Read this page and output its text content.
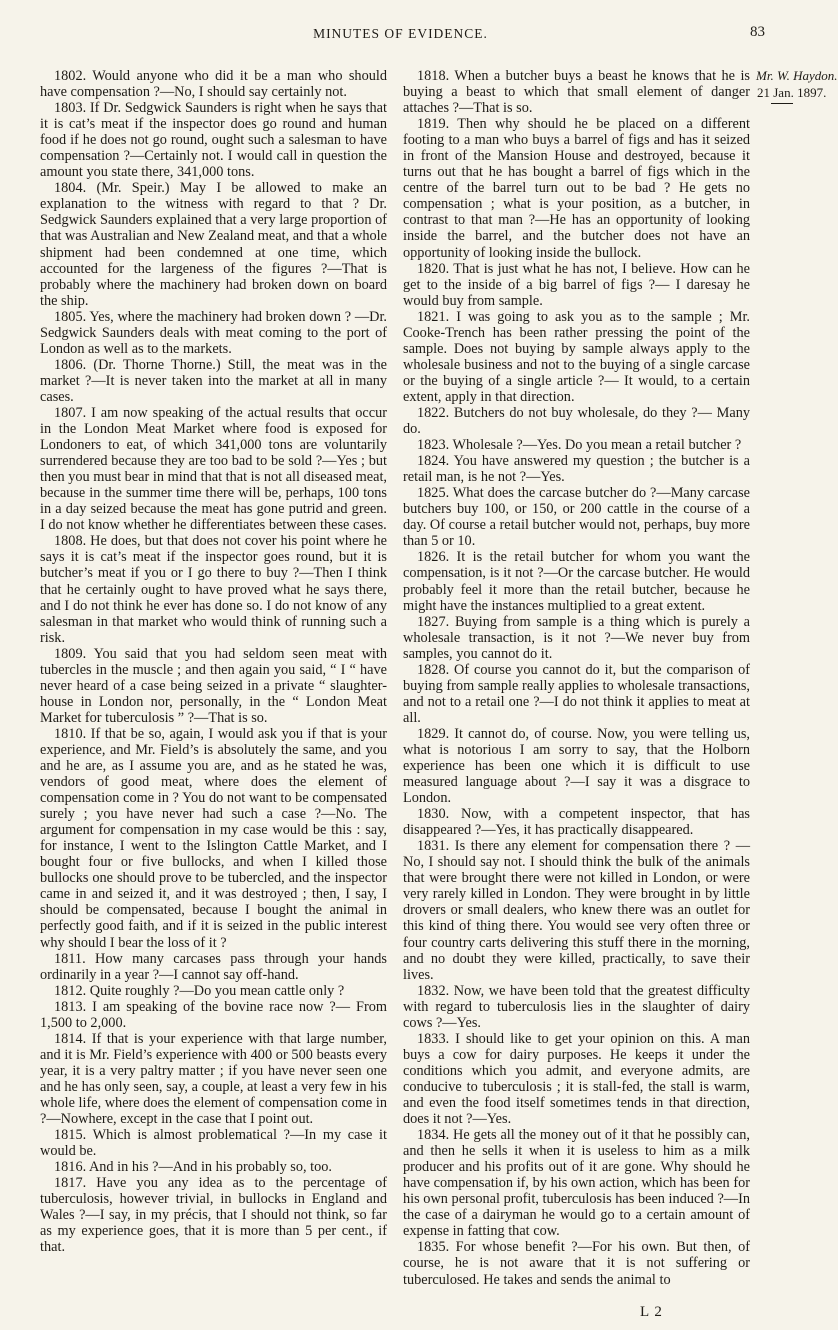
MINUTES OF EVIDENCE.	83

1802. Would anyone who did it be a man who should have compensation ?—No, I should say certainly not.

1803. If Dr. Sedgwick Saunders is right when he says that it is cat’s meat if the inspector does go round and human food if he does not go round, ought such a salesman to have compensation ?—Certainly not. I would call in question the amount you state there, 341,000 tons.

1804. (Mr. Speir.) May I be allowed to make an explanation to the witness with regard to that ? Dr. Sedgwick Saunders explained that a very large proportion of that was Australian and New Zealand meat, and that a whole shipment had been condemned at one time, which accounted for the largeness of the figures ?—That is probably where the machinery had broken down on board the ship.

1805. Yes, where the machinery had broken down ? —Dr. Sedgwick Saunders deals with meat coming to the port of London as well as to the markets.

1806. (Dr. Thorne Thorne.) Still, the meat was in the market ?—It is never taken into the market at all in many cases.

1807. I am now speaking of the actual results that occur in the London Meat Market where food is exposed for Londoners to eat, of which 341,000 tons are voluntarily surrendered because they are too bad to be sold ?—Yes ; but then you must bear in mind that that is not all diseased meat, because in the summer time there will be, perhaps, 100 tons in a day seized because the meat has gone putrid and green. I do not know whether he differentiates between these cases.

1808. He does, but that does not cover his point where he says it is cat’s meat if the inspector goes round, but it is butcher’s meat if you or I go there to buy ?—Then I think that he certainly ought to have proved what he says there, and I do not think he ever has done so. I do not know of any salesman in that market who would think of running such a risk.

1809. You said that you had seldom seen meat with tubercles in the muscle ; and then again you said, “ I “ have never heard of a case being seized in a private “ slaughter-house in London nor, personally, in the “ London Meat Market for tuberculosis ” ?—That is so.

1810. If that be so, again, I would ask you if that is your experience, and Mr. Field’s is absolutely the same, and you and he are, as I assume you are, and as he stated he was, vendors of good meat, where does the element of compensation come in ? You do not want to be compensated surely ; you have never had such a case ?—No. The argument for compensation in my case would be this : say, for instance, I went to the Islington Cattle Market, and I bought four or five bullocks, and when I killed those bullocks one should prove to be tubercled, and the inspector came in and seized it, and it was destroyed ; then, I say, I should be compensated, because I bought the animal in perfectly good faith, and if it is seized in the public interest why should I bear the loss of it ?

1811. How many carcases pass through your hands ordinarily in a year ?—I cannot say off-hand.

1812. Quite roughly ?—Do you mean cattle only ?

1813. I am speaking of the bovine race now ?— From 1,500 to 2,000.

1814. If that is your experience with that large number, and it is Mr. Field’s experience with 400 or 500 beasts every year, it is a very paltry matter ; if you have never seen one and he has only seen, say, a couple, at least a very few in his whole life, where does the element of compensation come in ?—Nowhere, except in the case that I point out.

1815. Which is almost problematical ?—In my case it would be.

1816. And in his ?—And in his probably so, too.

1817. Have you any idea as to the percentage of tuberculosis, however trivial, in bullocks in England and Wales ?—I say, in my précis, that I should not think, so far as my experience goes, that it is more than 5 per cent., if that.

1818. When a butcher buys a beast he knows that he is buying a beast to which that small element of danger attaches ?—That is so.

1819. Then why should he be placed on a different footing to a man who buys a barrel of figs and has it seized in front of the Mansion House and destroyed, because it turns out that he has bought a barrel of figs which in the centre of the barrel turn out to be bad ? He gets no compensation ; what is your position, as a butcher, in contrast to that man ?—He has an opportunity of looking inside the barrel, and the butcher does not have an opportunity of looking inside the bullock.

1820. That is just what he has not, I believe. How can he get to the inside of a big barrel of figs ?— I daresay he would buy from sample.

1821. I was going to ask you as to the sample ; Mr. Cooke-Trench has been rather pressing the point of the sample. Does not buying by sample always apply to the wholesale business and not to the buying of a single carcase or the buying of a single article ?— It would, to a certain extent, apply in that direction.

1822. Butchers do not buy wholesale, do they ?— Many do.

1823. Wholesale ?—Yes. Do you mean a retail butcher ?

1824. You have answered my question ; the butcher is a retail man, is he not ?—Yes.

1825. What does the carcase butcher do ?—Many carcase butchers buy 100, or 150, or 200 cattle in the course of a day. Of course a retail butcher would not, perhaps, buy more than 5 or 10.

1826. It is the retail butcher for whom you want the compensation, is it not ?—Or the carcase butcher. He would probably feel it more than the retail butcher, because he might have the instances multiplied to a great extent.

1827. Buying from sample is a thing which is purely a wholesale transaction, is it not ?—We never buy from samples, you cannot do it.

1828. Of course you cannot do it, but the comparison of buying from sample really applies to wholesale transactions, and not to a retail one ?—I do not think it applies to meat at all.

1829. It cannot do, of course. Now, you were telling us, what is notorious I am sorry to say, that the Holborn experience has been one which it is difficult to use measured language about ?—I say it was a disgrace to London.

1830. Now, with a competent inspector, that has disappeared ?—Yes, it has practically disappeared.

1831. Is there any element for compensation there ? —No, I should say not. I should think the bulk of the animals that were brought there were not killed in London, or were very rarely killed in London. They were brought in by little drovers or small dealers, who knew there was an outlet for this kind of thing there. You would see very often three or four country carts delivering this stuff there in the morning, and no doubt they were killed, practically, to save their lives.

1832. Now, we have been told that the greatest difficulty with regard to tuberculosis lies in the slaughter of dairy cows ?—Yes.

1833. I should like to get your opinion on this. A man buys a cow for dairy purposes. He keeps it under the conditions which you admit, and everyone admits, are conducive to tuberculosis ; it is stall-fed, the stall is warm, and even the food itself sometimes tends in that direction, does it not ?—Yes.

1834. He gets all the money out of it that he possibly can, and then he sells it when it is useless to him as a milk producer and his profits out of it are gone. Why should he have compensation if, by his own action, which has been for his own personal profit, tuberculosis has been induced ?—In the case of a dairyman he would go to a certain amount of expense in fatting that cow.

1835. For whose benefit ?—For his own. But then, of course, he is not aware that it is not suffering or tuberculosed. He takes and sends the animal to

Mr. W. Haydon.
21 Jan. 1897.
L 2
